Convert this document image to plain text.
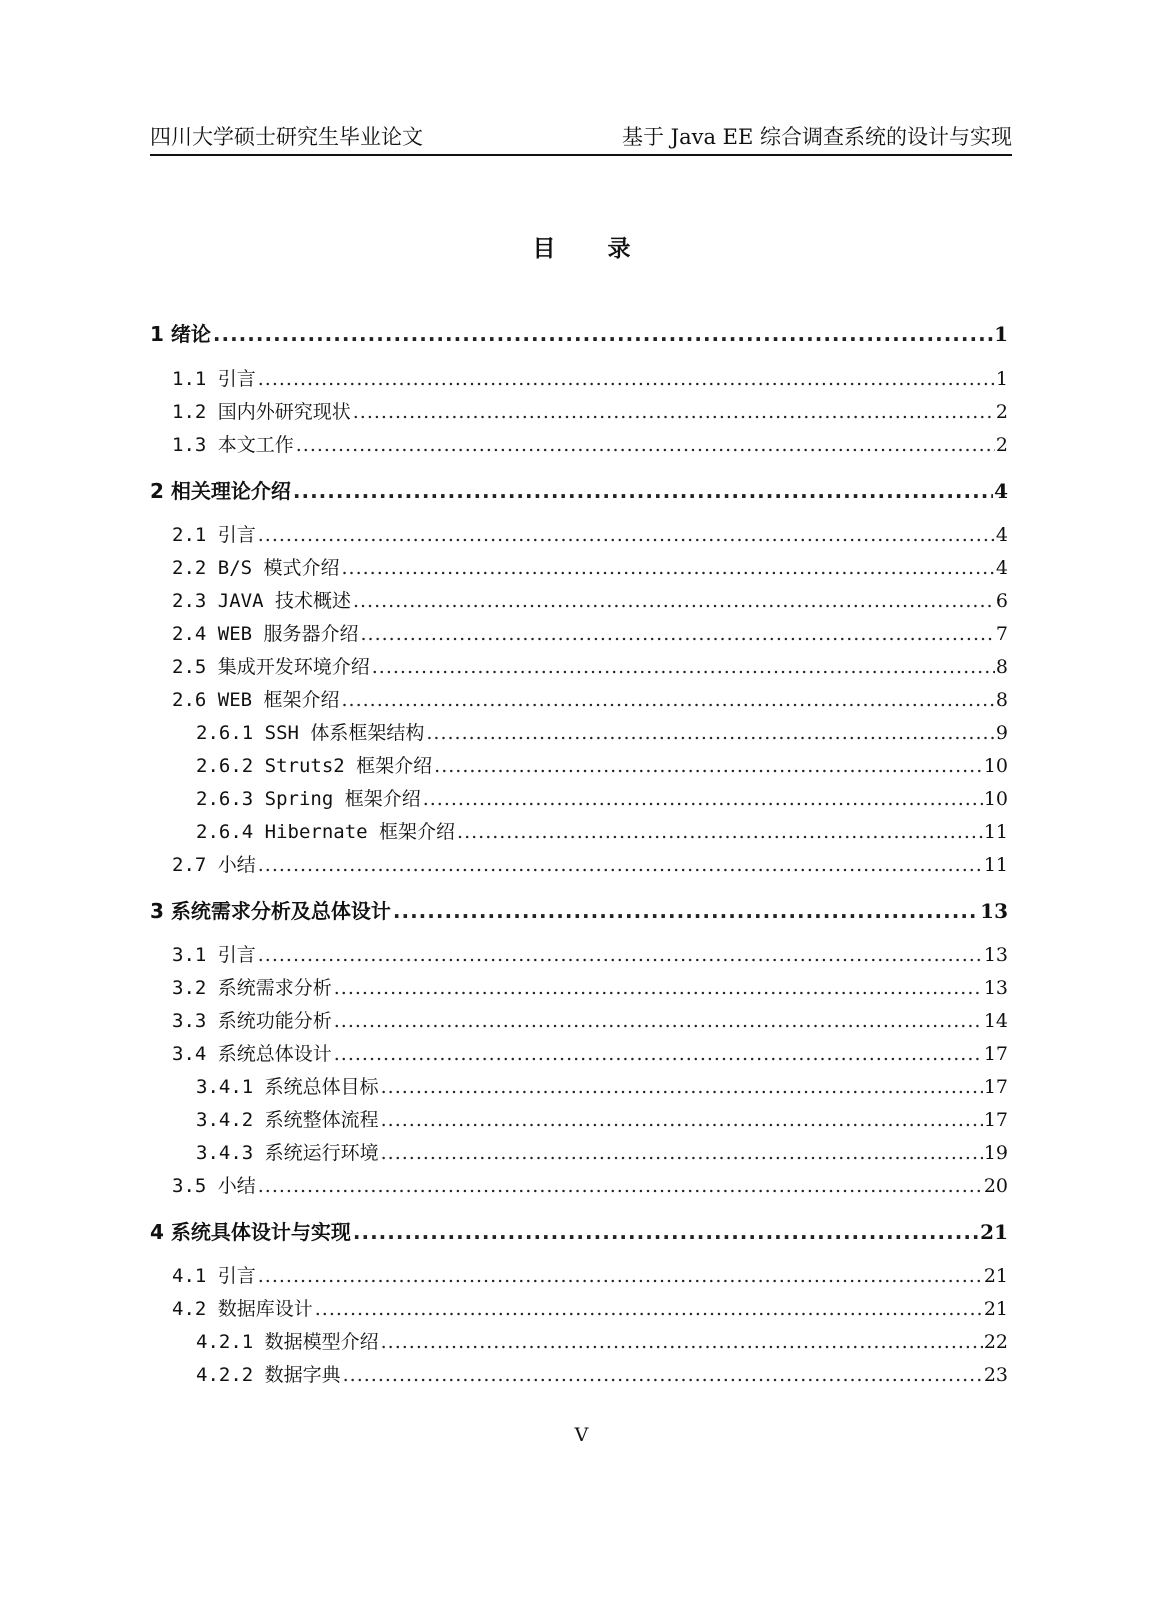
四川大学硕士研究生毕业论文	基于 Java EE 综合调查系统的设计与实现
目 录
1 绪论 .....	1
1.1 引言 .....	1
1.2 国内外研究现状 .....	2
1.3 本文工作 .....	2
2 相关理论介绍 .....	4
2.1 引言 .....	4
2.2 B/S 模式介绍 .....	4
2.3 JAVA 技术概述 .....	6
2.4 WEB 服务器介绍 .....	7
2.5 集成开发环境介绍 .....	8
2.6 WEB 框架介绍 .....	8
2.6.1 SSH 体系框架结构 .....	9
2.6.2 Struts2 框架介绍 .....	10
2.6.3 Spring 框架介绍 .....	10
2.6.4 Hibernate 框架介绍 .....	11
2.7 小结 .....	11
3 系统需求分析及总体设计 .....	13
3.1 引言 .....	13
3.2 系统需求分析 .....	13
3.3 系统功能分析 .....	14
3.4 系统总体设计 .....	17
3.4.1 系统总体目标 .....	17
3.4.2 系统整体流程 .....	17
3.4.3 系统运行环境 .....	19
3.5 小结 .....	20
4 系统具体设计与实现 .....	21
4.1 引言 .....	21
4.2 数据库设计 .....	21
4.2.1 数据模型介绍 .....	22
4.2.2 数据字典 .....	23
V
